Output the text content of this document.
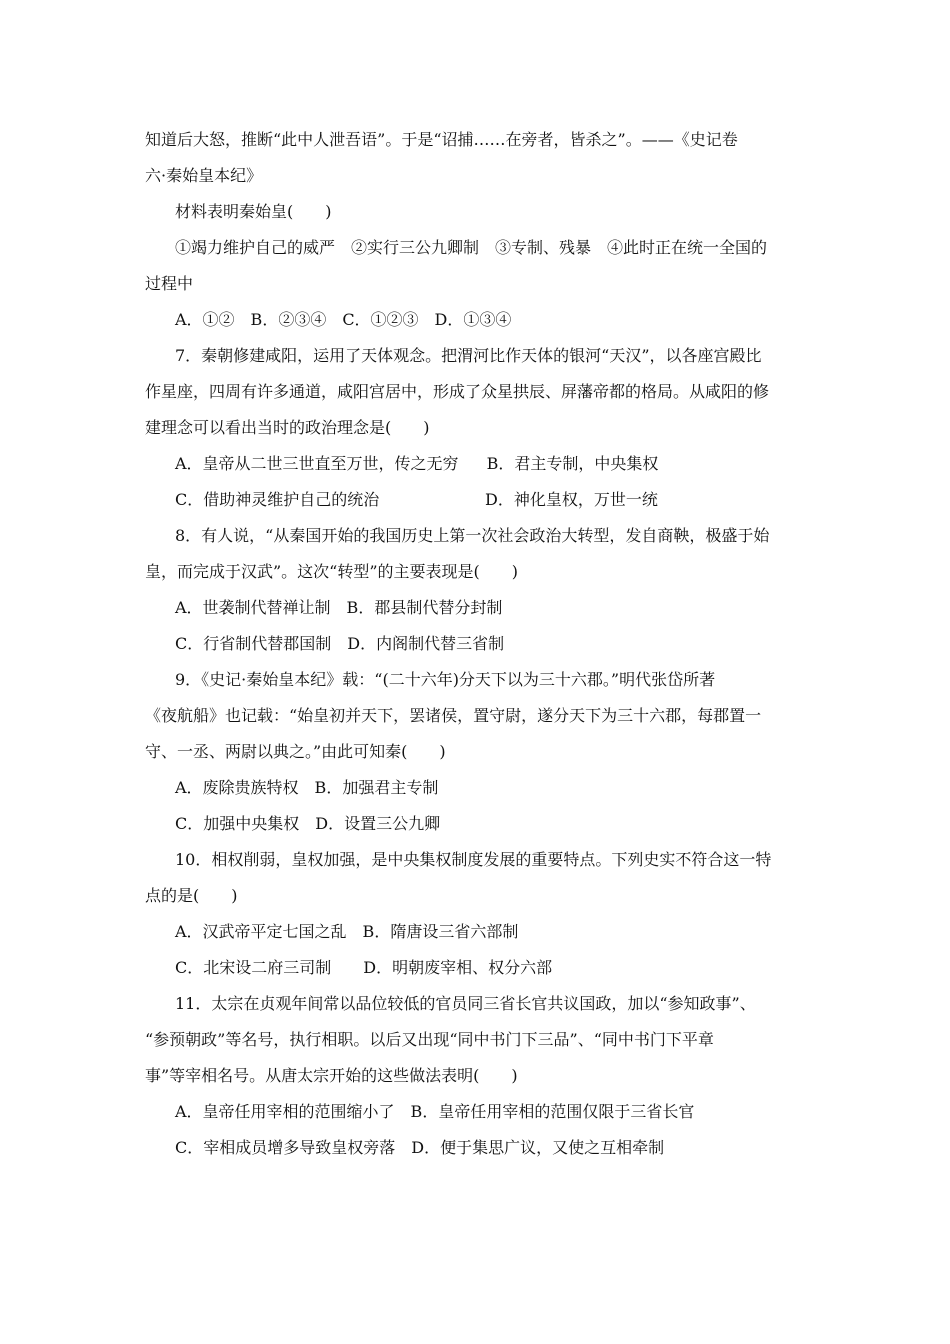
知道后大怒，推断“此中人泄吾语”。于是“诏捕……在旁者，皆杀之”。——《史记卷
六·秦始皇本纪》
材料表明秦始皇(　　)
①竭力维护自己的威严　②实行三公九卿制　③专制、残暴　④此时正在统一全国的
过程中
A．①②　B．②③④　C．①②③　D．①③④
7．秦朝修建咸阳，运用了天体观念。把渭河比作天体的银河“天汉”，以各座宫殿比
作星座，四周有许多通道，咸阳宫居中，形成了众星拱辰、屏藩帝都的格局。从咸阳的修
建理念可以看出当时的政治理念是(　　)
A．皇帝从二世三世直至万世，传之无穷 B．君主专制，中央集权
C．借助神灵维护自己的统治	D．神化皇权，万世一统
8．有人说，“从秦国开始的我国历史上第一次社会政治大转型，发自商鞅，极盛于始
皇，而完成于汉武”。这次“转型”的主要表现是(　　)
A．世袭制代替禅让制　B．郡县制代替分封制
C．行省制代替郡国制　D．内阁制代替三省制
9．《史记·秦始皇本纪》载：“(二十六年)分天下以为三十六郡。”明代张岱所著
《夜航船》也记载：“始皇初并天下，罢诸侯，置守尉，遂分天下为三十六郡，每郡置一
守、一丞、两尉以典之。”由此可知秦(　　)
A．废除贵族特权　B．加强君主专制
C．加强中央集权　D．设置三公九卿
10．相权削弱，皇权加强，是中央集权制度发展的重要特点。下列史实不符合这一特
点的是(　　)
A．汉武帝平定七国之乱　B．隋唐设三省六部制
C．北宋设二府三司制　　D．明朝废宰相、权分六部
11．太宗在贞观年间常以品位较低的官员同三省长官共议国政，加以“参知政事”、
“参预朝政”等名号，执行相职。以后又出现“同中书门下三品”、“同中书门下平章
事”等宰相名号。从唐太宗开始的这些做法表明(　　)
A．皇帝任用宰相的范围缩小了　B．皇帝任用宰相的范围仅限于三省长官
C．宰相成员增多导致皇权旁落　D．便于集思广议，又使之互相牵制
